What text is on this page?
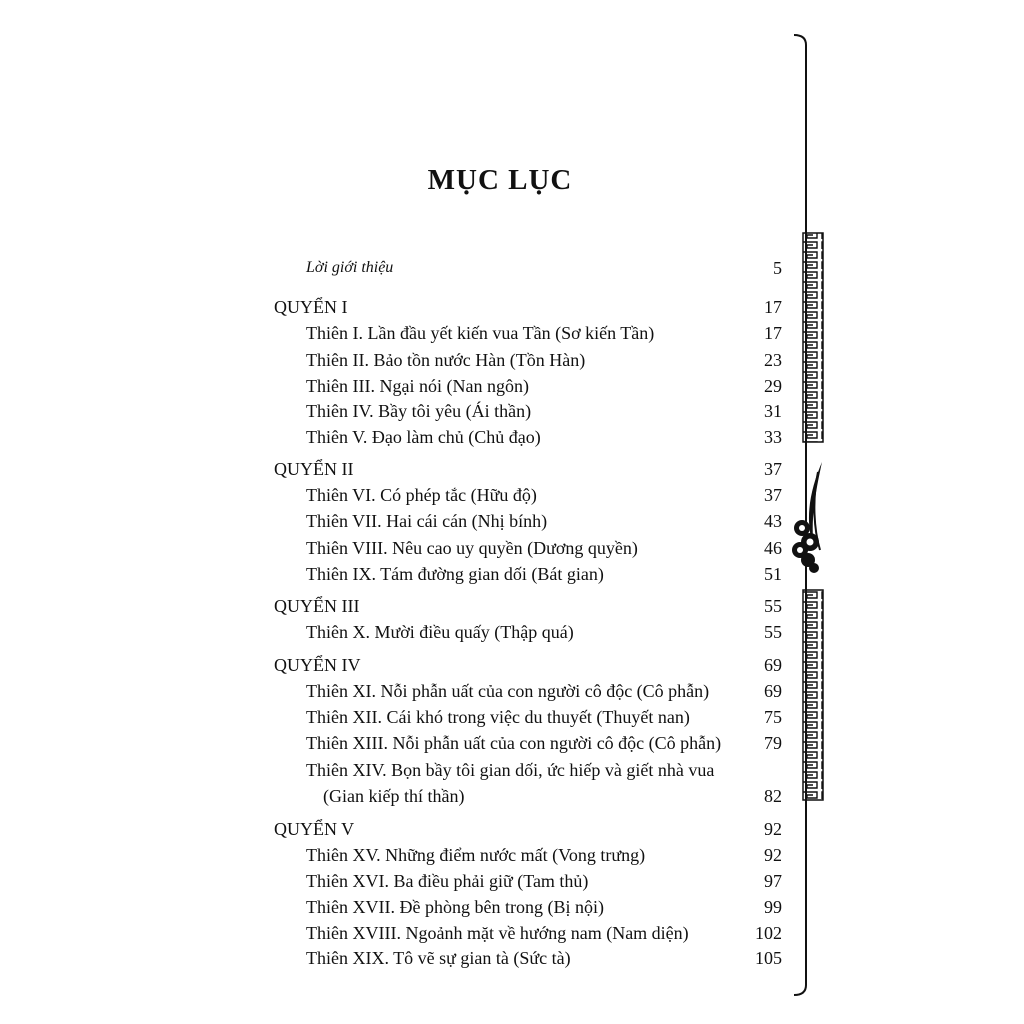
MỤC LỤC
Lời giới thiệu	5
QUYỂN I	17
Thiên I. Lần đầu yết kiến vua Tần (Sơ kiến Tần)	17
Thiên II. Bảo tồn nước Hàn (Tồn Hàn)	23
Thiên III. Ngại nói (Nan ngôn)	29
Thiên IV. Bầy tôi yêu (Ái thần)	31
Thiên V. Đạo làm chủ (Chủ đạo)	33
QUYỂN II	37
Thiên VI. Có phép tắc (Hữu độ)	37
Thiên VII. Hai cái cán (Nhị bính)	43
Thiên VIII. Nêu cao uy quyền (Dương quyền)	46
Thiên IX. Tám đường gian dối (Bát gian)	51
QUYỂN III	55
Thiên X. Mười điều quấy (Thập quá)	55
QUYỂN IV	69
Thiên XI. Nỗi phẫn uất của con người cô độc (Cô phẫn)	69
Thiên XII. Cái khó trong việc du thuyết (Thuyết nan)	75
Thiên XIII. Nỗi phẫn uất của con người cô độc (Cô phẫn) 79
Thiên XIV. Bọn bầy tôi gian dối, ức hiếp và giết nhà vua
(Gian kiếp thí thần)	82
QUYỂN V	92
Thiên XV. Những điểm nước mất (Vong trưng)	92
Thiên XVI. Ba điều phải giữ (Tam thủ)	97
Thiên XVII. Đề phòng bên trong (Bị nội)	99
Thiên XVIII. Ngoảnh mặt về hướng nam (Nam diện)	102
Thiên XIX. Tô vẽ sự gian tà (Sức tà)	105
